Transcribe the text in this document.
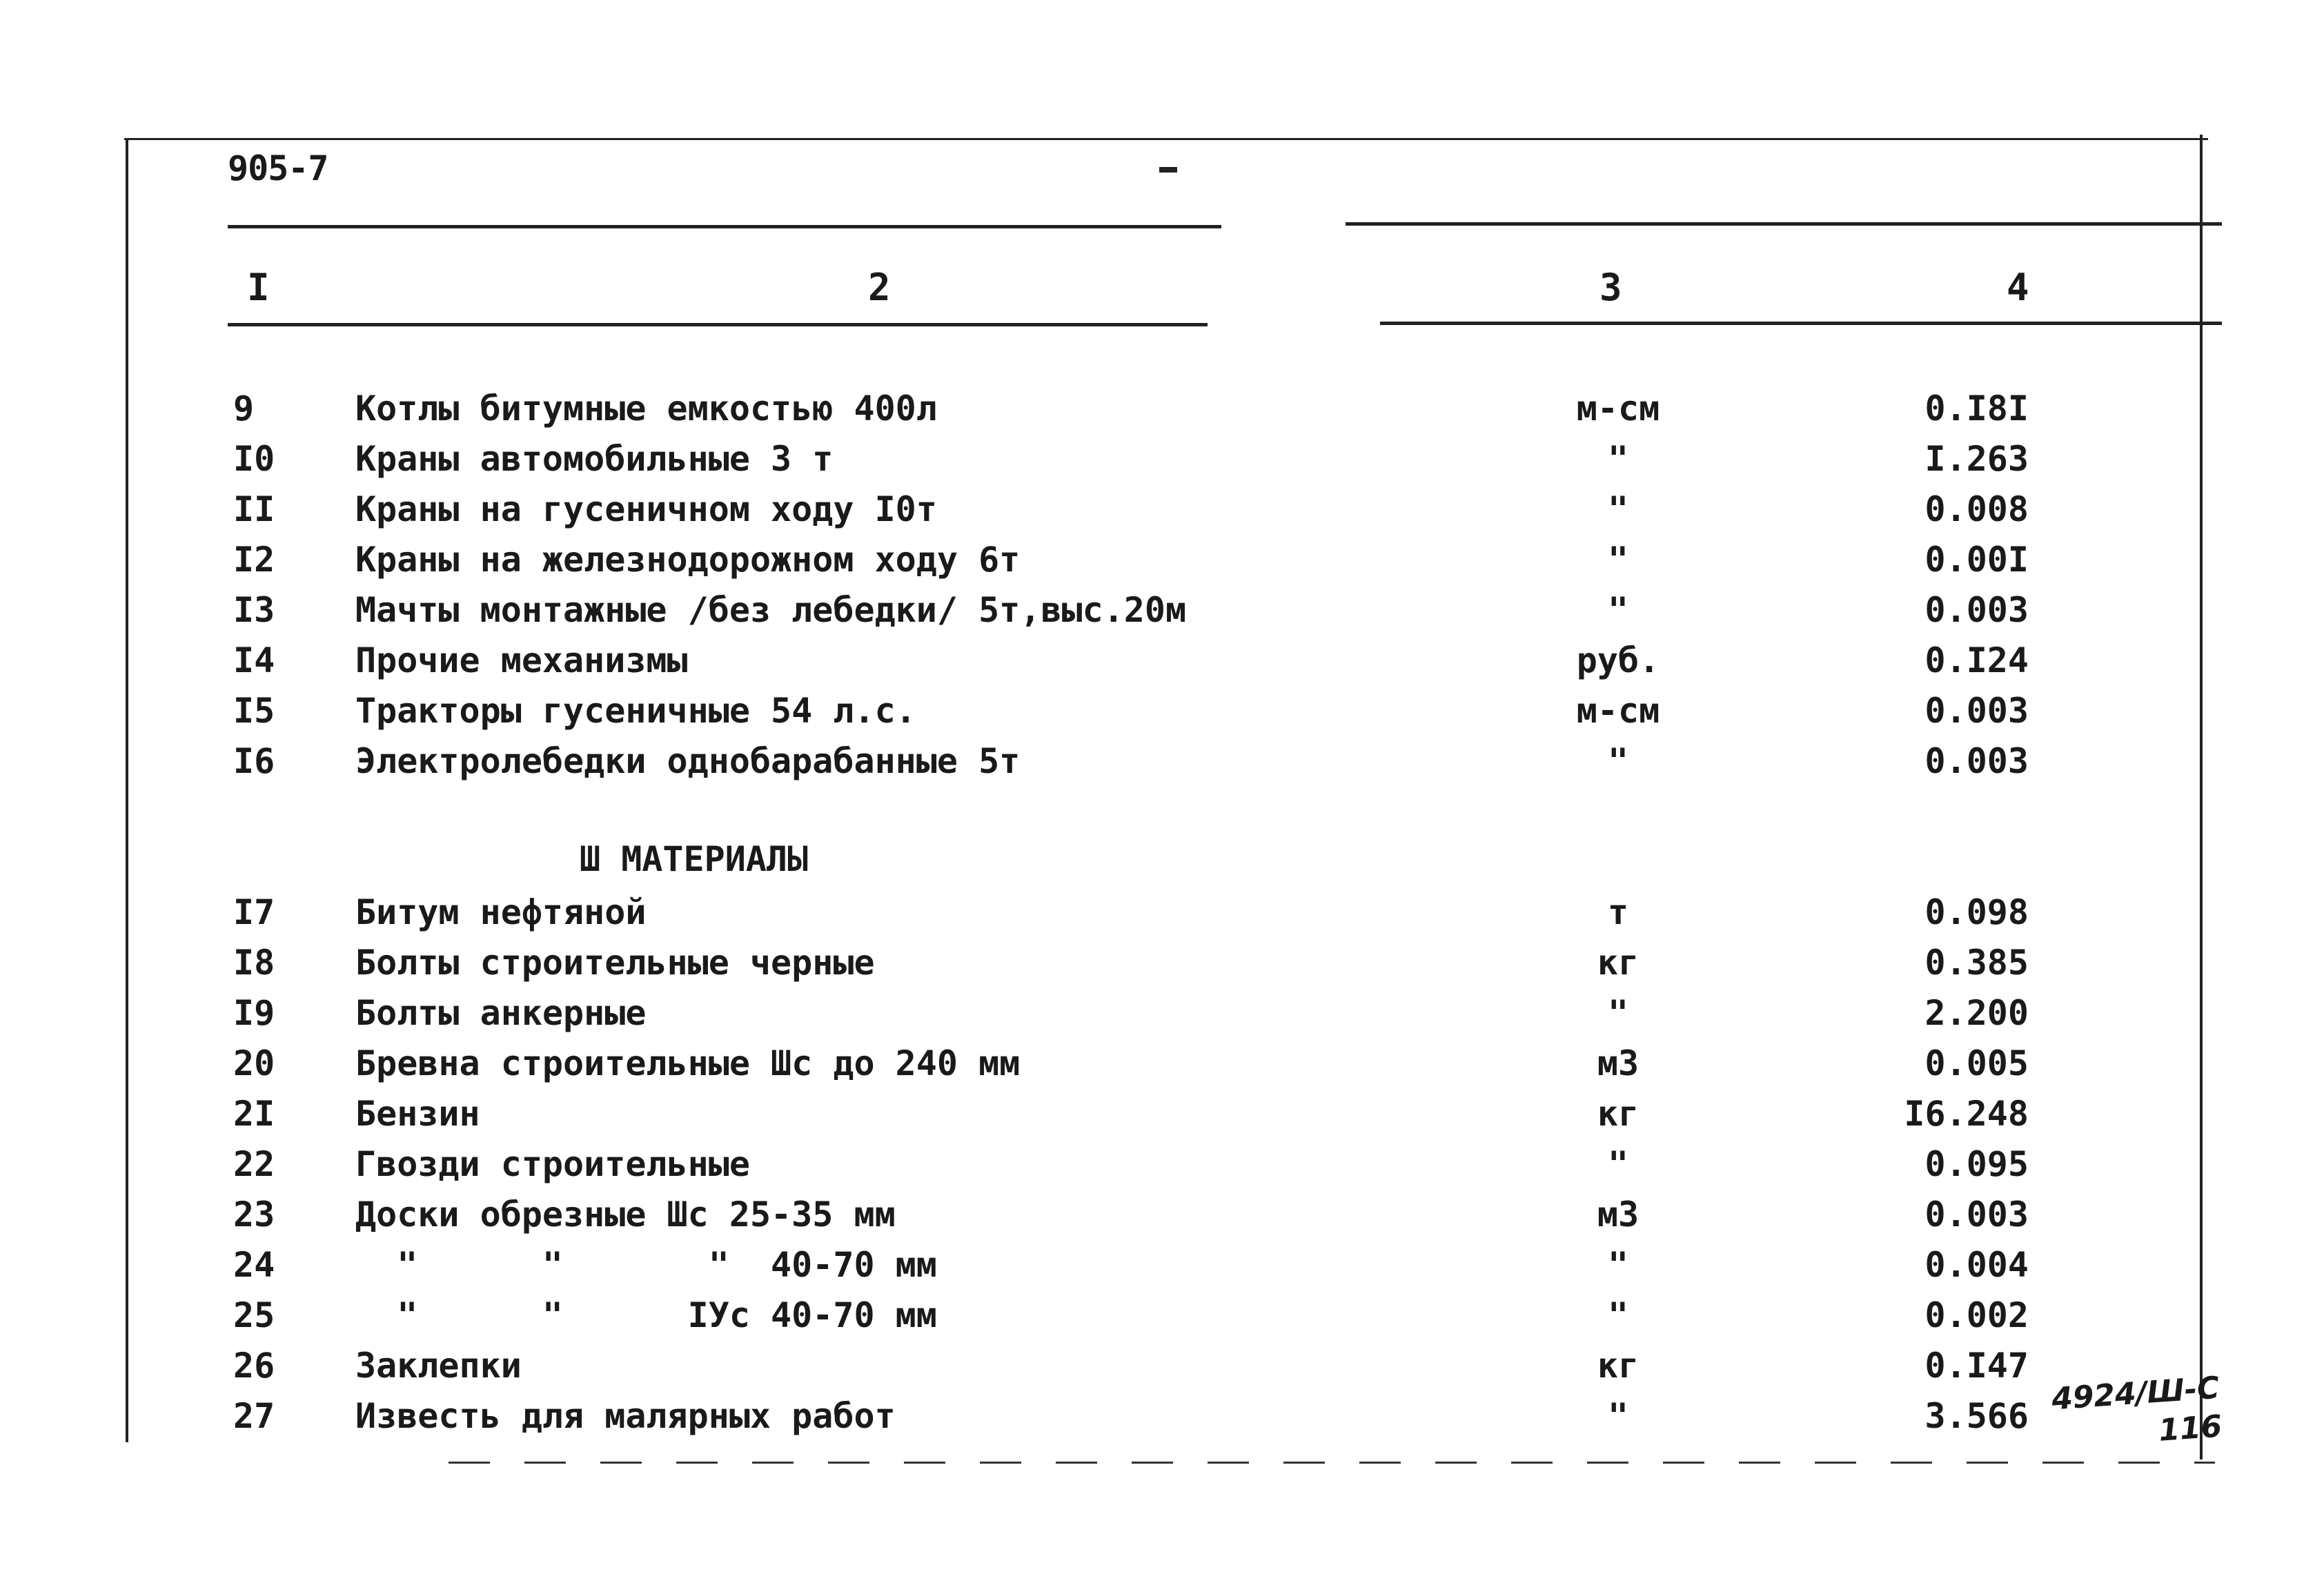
905-7
I	2	3	4
9	Котлы битумные емкостью 400л	м-см	0.I8I
I0	Краны автомобильные 3 т	"	I.263
II	Краны на гусеничном ходу I0т	"	0.008
I2	Краны на железнодорожном ходу 6т	"	0.00I
I3	Мачты монтажные /без лебедки/ 5т,выс.20м	"	0.003
I4	Прочие механизмы	руб.	0.I24
I5	Тракторы гусеничные 54 л.с.	м-см	0.003
I6	Электролебедки однобарабанные 5т	"	0.003
Ш МАТЕРИАЛЫ
I7	Битум нефтяной	т	0.098
I8	Болты строительные черные	кг	0.385
I9	Болты анкерные	"	2.200
20	Бревна строительные Шс до 240 мм	м3	0.005
2I	Бензин	кг	I6.248
22	Гвозди строительные	"	0.095
23	Доски обрезные Шс 25-35 мм	м3	0.003
24	"      "       "  40-70 мм	"	0.004
25	"      "      IУс 40-70 мм	"	0.002
26	Заклепки	кг	0.I47
27	Известь для малярных работ	"	3.566 4924/Ш-С
116
